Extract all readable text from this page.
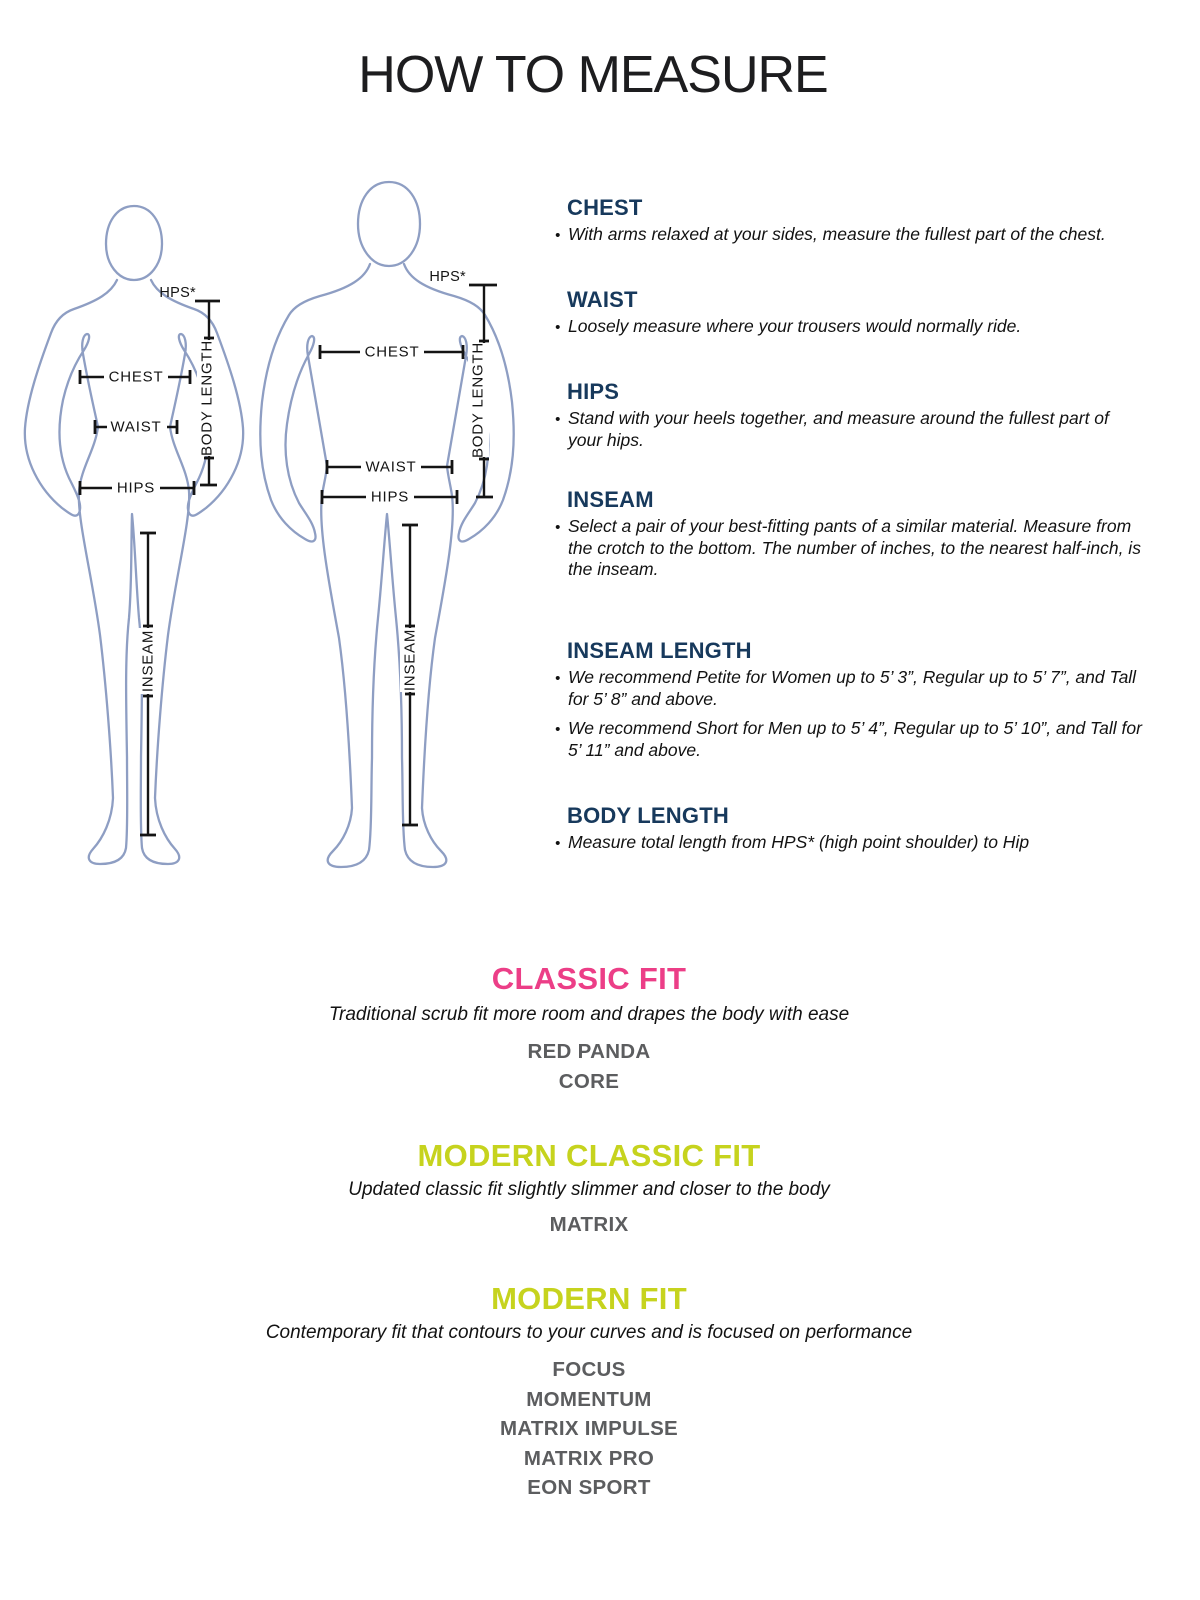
HOW TO MEASURE
BODY LENGTH
HPS*
CHEST
WAIST
HIPS
INSEAM
BODY LENGTH
HPS*
CHEST
WAIST
HIPS
INSEAM
CHEST
• With arms relaxed at your sides, measure the fullest part of the chest.
WAIST
• Loosely measure where your trousers would normally ride.
HIPS
• Stand with your heels together, and measure around the fullest part of your hips.
INSEAM
• Select a pair of your best-fitting pants of a similar material. Measure from the crotch to the bottom. The number of inches, to the nearest half-inch, is the inseam.
INSEAM LENGTH
• We recommend Petite for Women up to 5’ 3”, Regular up to 5’ 7”, and Tall for 5’ 8” and above.
• We recommend Short for Men up to 5’ 4”, Regular up to 5’ 10”, and Tall for 5’ 11” and above.
BODY LENGTH
• Measure total length from HPS* (high point shoulder) to Hip
CLASSIC FIT

Traditional scrub fit more room and drapes the body with ease

RED PANDA
CORE
MODERN CLASSIC FIT

Updated classic fit slightly slimmer and closer to the body

MATRIX
MODERN FIT

Contemporary fit that contours to your curves and is focused on performance

FOCUS
MOMENTUM
MATRIX IMPULSE
MATRIX PRO
EON SPORT
